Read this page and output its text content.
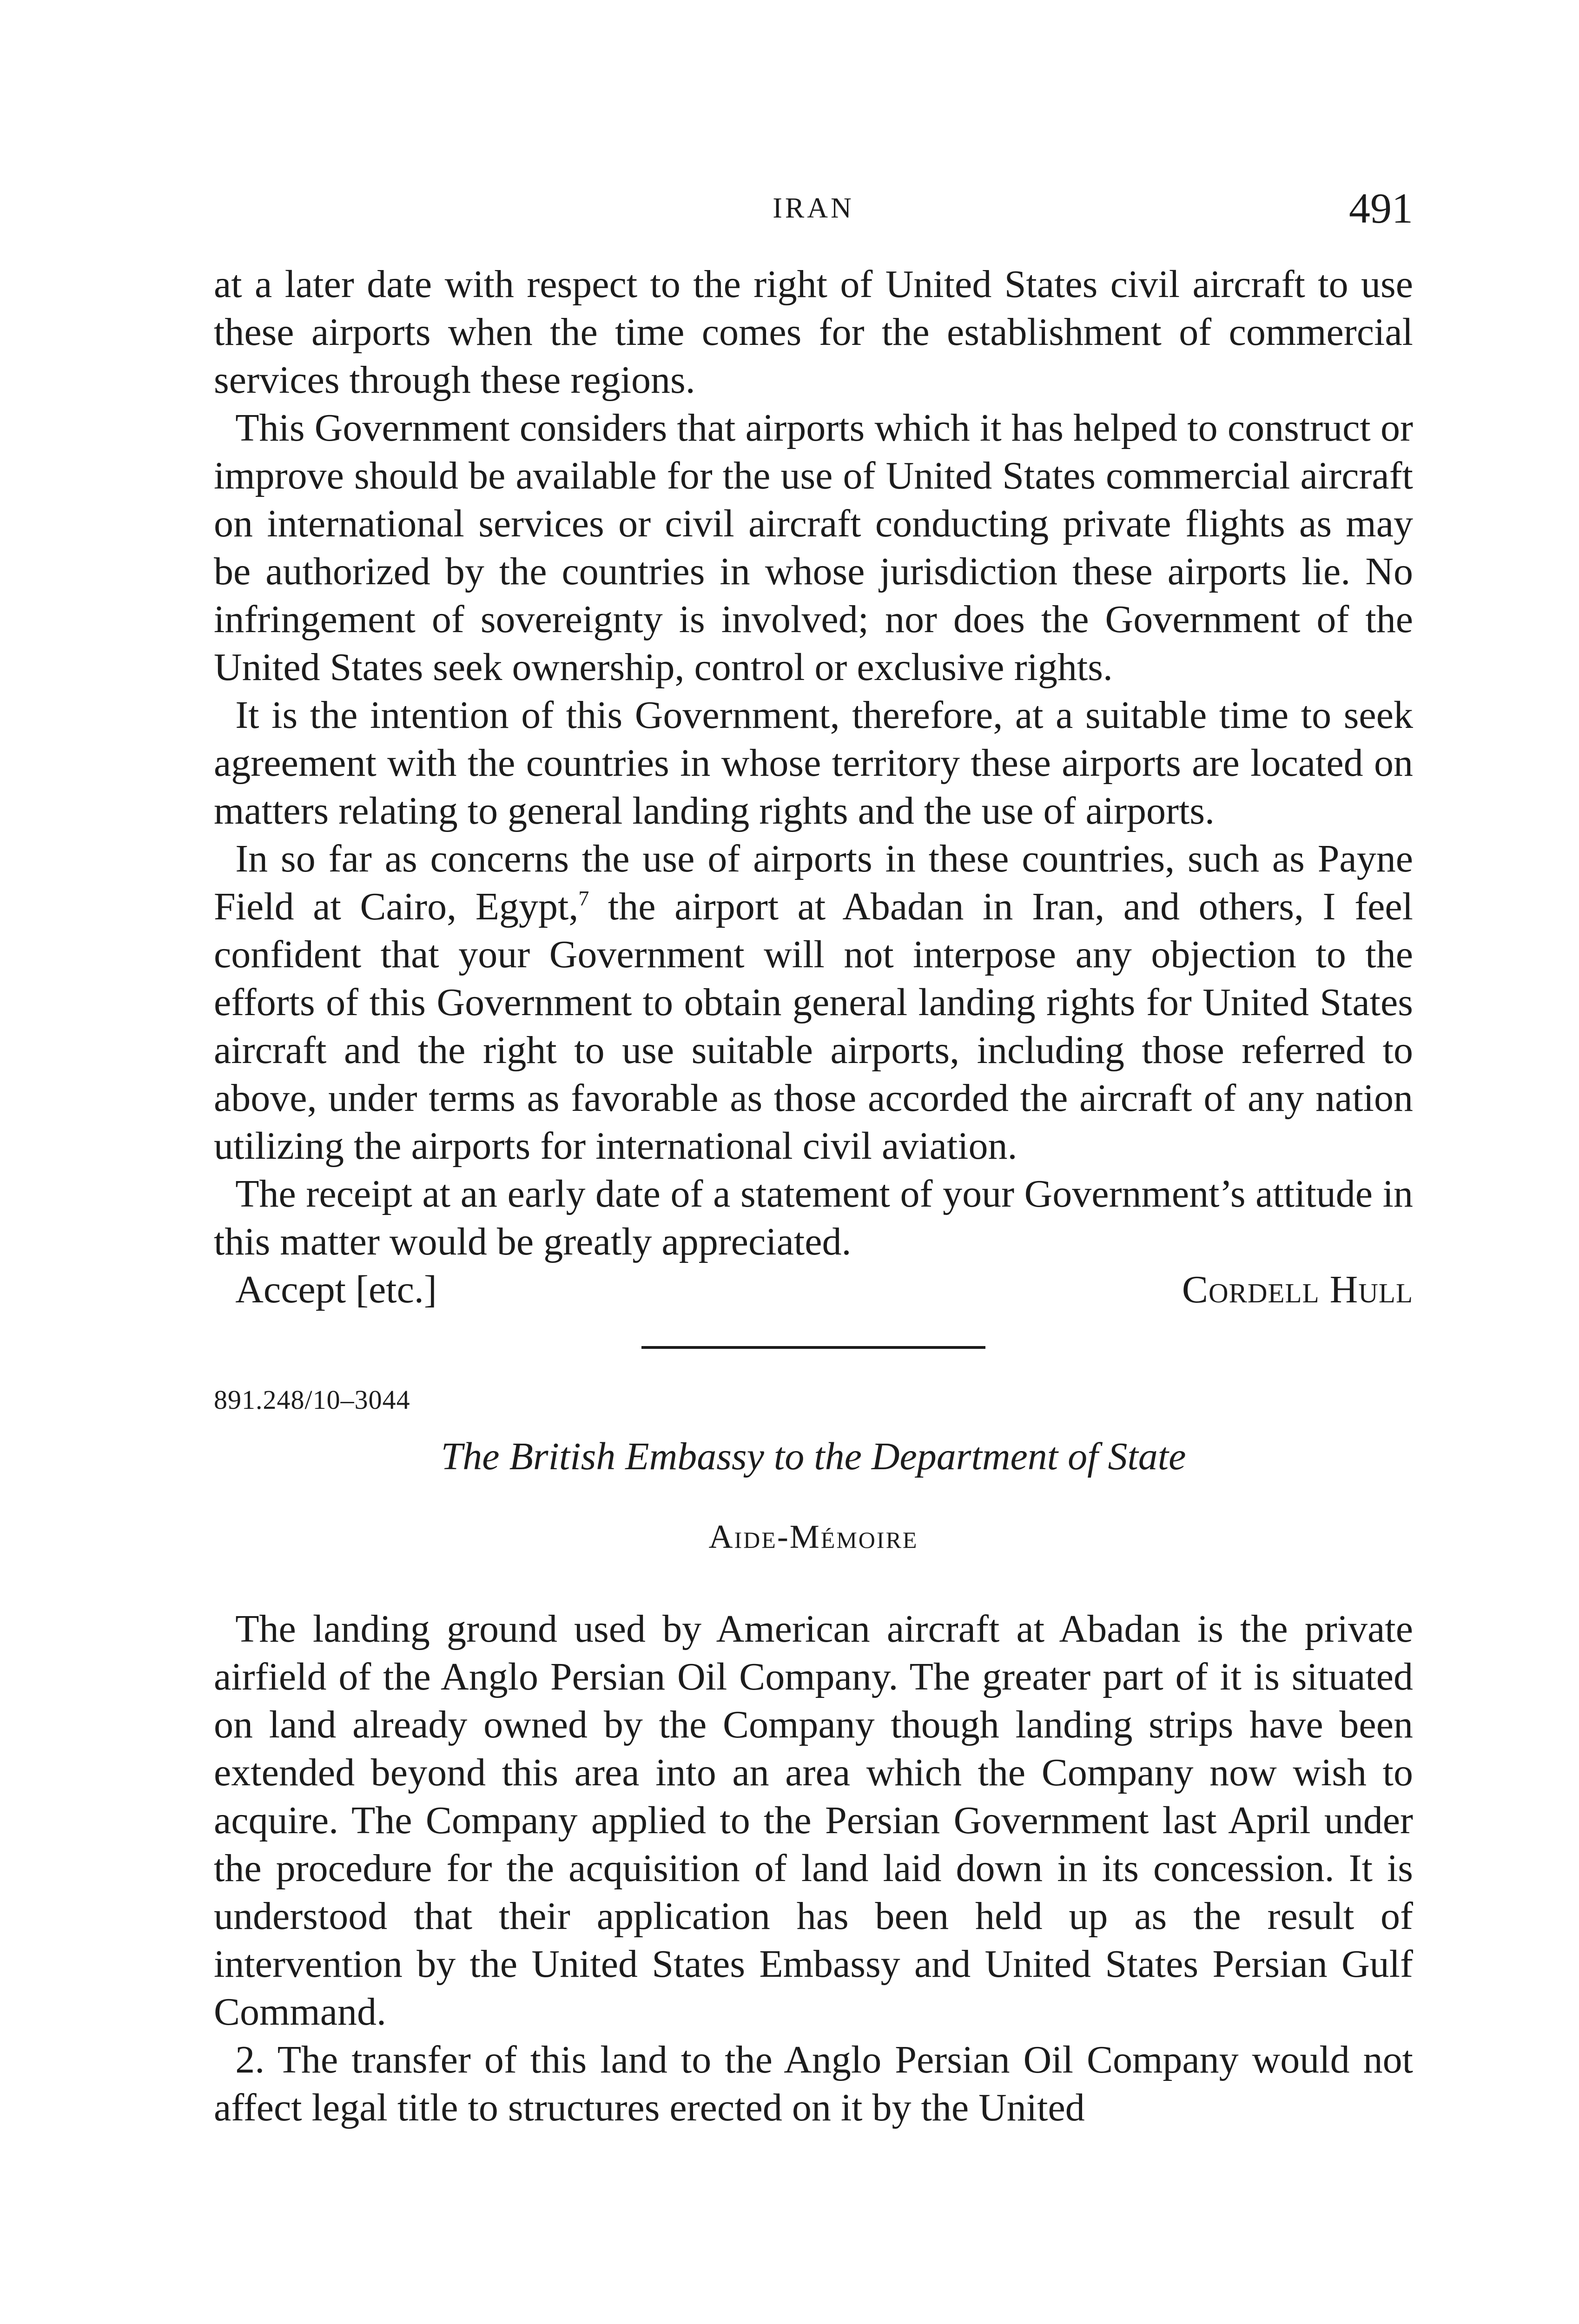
IRAN	491

at a later date with respect to the right of United States civil aircraft to use these airports when the time comes for the establishment of commercial services through these regions.

This Government considers that airports which it has helped to construct or improve should be available for the use of United States commercial aircraft on international services or civil aircraft conducting private flights as may be authorized by the countries in whose jurisdiction these airports lie. No infringement of sovereignty is involved; nor does the Government of the United States seek ownership, control or exclusive rights.

It is the intention of this Government, therefore, at a suitable time to seek agreement with the countries in whose territory these airports are located on matters relating to general landing rights and the use of airports.

In so far as concerns the use of airports in these countries, such as Payne Field at Cairo, Egypt,$^7$ the airport at Abadan in Iran, and others, I feel confident that your Government will not interpose any objection to the efforts of this Government to obtain general landing rights for United States aircraft and the right to use suitable airports, including those referred to above, under terms as favorable as those accorded the aircraft of any nation utilizing the airports for international civil aviation.

The receipt at an early date of a statement of your Government’s attitude in this matter would be greatly appreciated.

Accept [etc.]	Cordell Hull
891.248/10–3044
The British Embassy to the Department of State
Aide-Mémoire

The landing ground used by American aircraft at Abadan is the private airfield of the Anglo Persian Oil Company. The greater part of it is situated on land already owned by the Company though landing strips have been extended beyond this area into an area which the Company now wish to acquire. The Company applied to the Persian Government last April under the procedure for the acquisition of land laid down in its concession. It is understood that their application has been held up as the result of intervention by the United States Embassy and United States Persian Gulf Command.

2. The transfer of this land to the Anglo Persian Oil Company would not affect legal title to structures erected on it by the United
